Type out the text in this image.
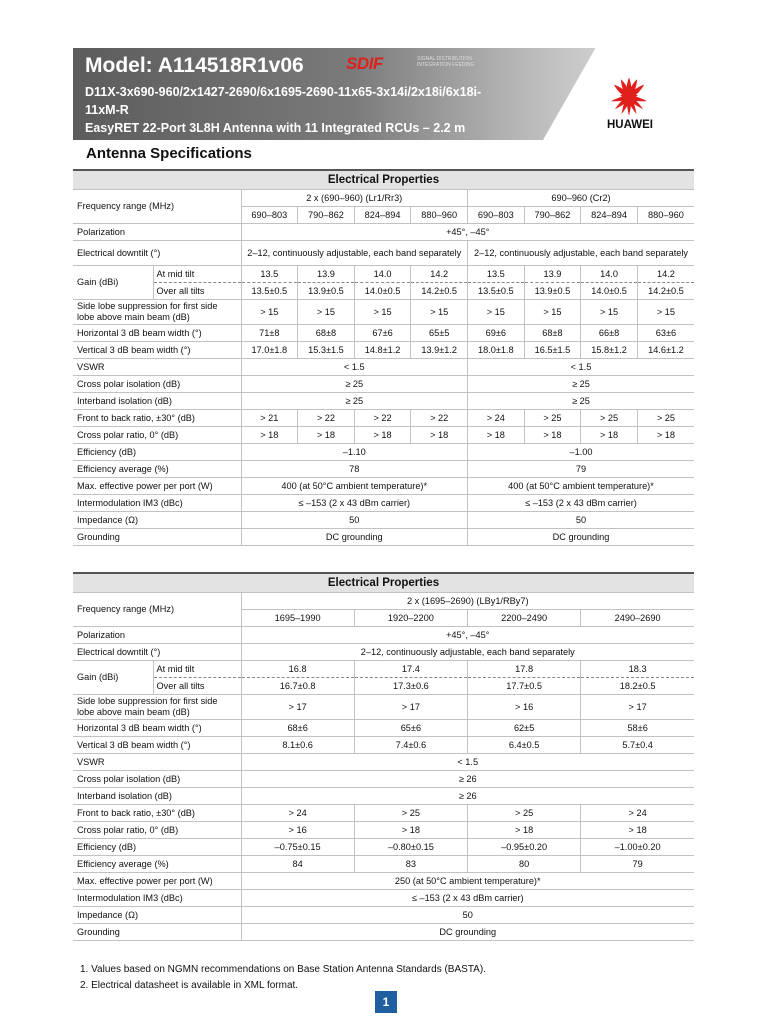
Model: A114518R1v06 SDIF	SIGNAL DISTRIBUTION INTEGRATION FEEDING
D11X-3x690-960/2x1427-2690/6x1695-2690-11x65-3x14i/2x18i/6x18i-
11xM-R
EasyRET 22-Port 3L8H Antenna with 11 Integrated RCUs – 2.2 m	HUAWEI
Antenna Specifications
Electrical Properties									
Frequency range (MHz)		2 x (690–960) (Lr1/Rr3)				690–960 (Cr2)			
		690–803	790–862	824–894	880–960	690–803	790–862	824–894	880–960
Polarization		+45°, –45°							
Electrical downtilt (°)		2–12, continuously adjustable, each band separately				2–12, continuously adjustable, each band separately			
Gain (dBi)	At mid tilt	13.5	13.9	14.0	14.2	13.5	13.9	14.0	14.2
	Over all tilts	13.5±0.5	13.9±0.5	14.0±0.5	14.2±0.5	13.5±0.5	13.9±0.5	14.0±0.5	14.2±0.5
Side lobe suppression for first side
lobe above main beam (dB)		> 15	> 15	> 15	> 15	> 15	> 15	> 15	> 15
Horizontal 3 dB beam width (°)		71±8	68±8	67±6	65±5	69±6	68±8	66±8	63±6
Vertical 3 dB beam width (°)		17.0±1.8	15.3±1.5	14.8±1.2	13.9±1.2	18.0±1.8	16.5±1.5	15.8±1.2	14.6±1.2
VSWR		< 1.5				< 1.5			
Cross polar isolation (dB)		≥ 25				≥ 25			
Interband isolation (dB)		≥ 25				≥ 25			
Front to back ratio, ±30° (dB)		> 21	> 22	> 22	> 22	> 24	> 25	> 25	> 25
Cross polar ratio, 0° (dB)		> 18	> 18	> 18	> 18	> 18	> 18	> 18	> 18
Efficiency (dB)		–1.10				–1.00			
Efficiency average (%)		78				79			
Max. effective power per port (W)		400 (at 50°C ambient temperature)*				400 (at 50°C ambient temperature)*			
Intermodulation IM3 (dBc)		≤ –153 (2 x 43 dBm carrier)				≤ –153 (2 x 43 dBm carrier)			
Impedance (Ω)		50				50			
Grounding		DC grounding				DC grounding			
Electrical Properties					
Frequency range (MHz)		2 x (1695–2690) (LBy1/RBy7)			
		1695–1990	1920–2200	2200–2490	2490–2690
Polarization		+45°, –45°			
Electrical downtilt (°)		2–12, continuously adjustable, each band separately			
Gain (dBi)	At mid tilt	16.8	17.4	17.8	18.3
	Over all tilts	16.7±0.8	17.3±0.6	17.7±0.5	18.2±0.5
Side lobe suppression for first side
lobe above main beam (dB)		> 17	> 17	> 16	> 17
Horizontal 3 dB beam width (°)		68±6	65±6	62±5	58±6
Vertical 3 dB beam width (°)		8.1±0.6	7.4±0.6	6.4±0.5	5.7±0.4
VSWR		< 1.5			
Cross polar isolation (dB)		≥ 26			
Interband isolation (dB)		≥ 26			
Front to back ratio, ±30° (dB)		> 24	> 25	> 25	> 24
Cross polar ratio, 0° (dB)		> 16	> 18	> 18	> 18
Efficiency (dB)		–0.75±0.15	–0.80±0.15	–0.95±0.20	–1.00±0.20
Efficiency average (%)		84	83	80	79
Max. effective power per port (W)		250 (at 50°C ambient temperature)*			
Intermodulation IM3 (dBc)		≤ –153 (2 x 43 dBm carrier)			
Impedance (Ω)		50			
Grounding		DC grounding			
1. Values based on NGMN recommendations on Base Station Antenna Standards (BASTA).
2. Electrical datasheet is available in XML format.
1
